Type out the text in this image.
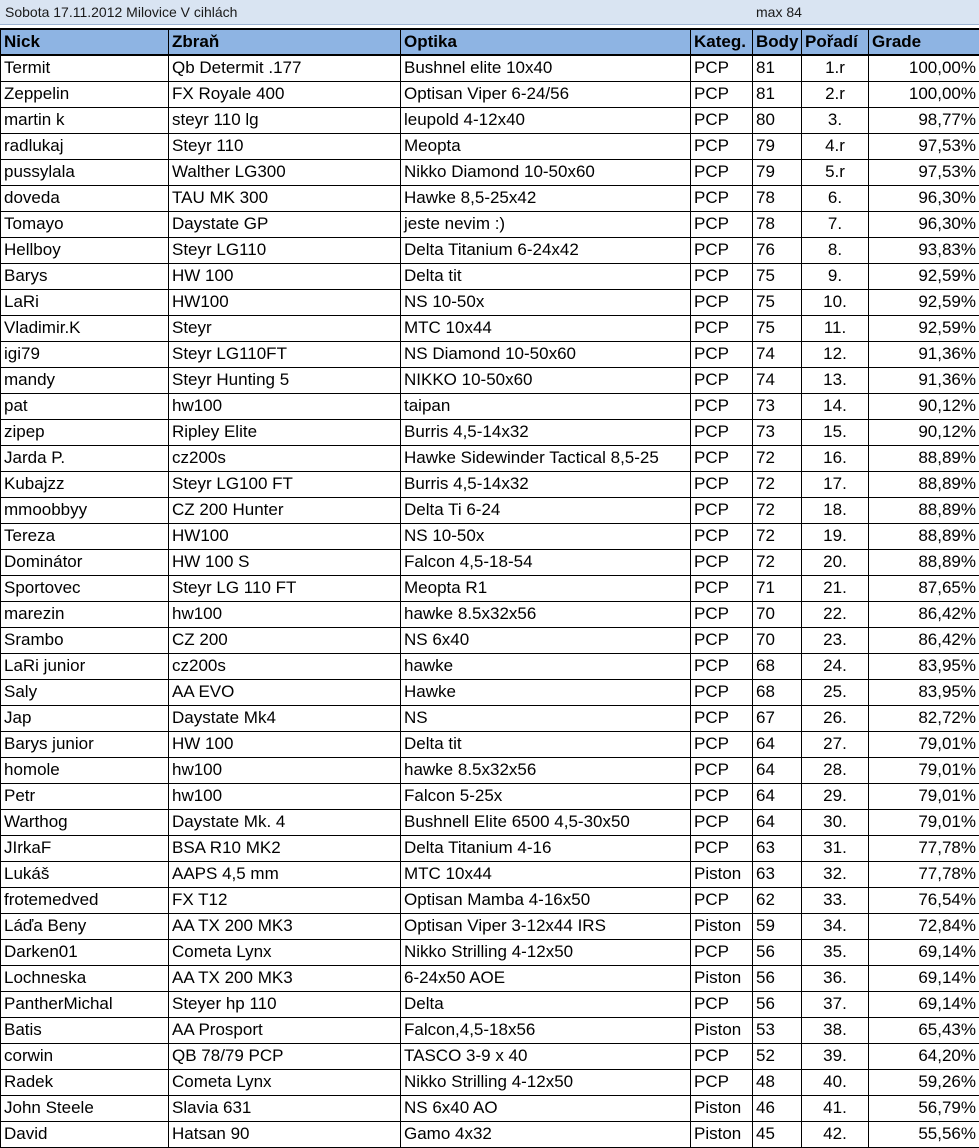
Sobota 17.11.2012 Milovice V cihlách	max 84
Nick	Zbraň	Optika	Kateg.	Body	Pořadí	Grade
Termit	Qb Determit .177	Bushnel elite 10x40	PCP	81	1.r	100,00%
Zeppelin	FX Royale 400	Optisan Viper 6-24/56	PCP	81	2.r	100,00%
martin k	steyr 110 lg	leupold 4-12x40	PCP	80	3.	98,77%
radlukaj	Steyr 110	Meopta	PCP	79	4.r	97,53%
pussylala	Walther LG300	Nikko Diamond 10-50x60	PCP	79	5.r	97,53%
doveda	TAU MK 300	Hawke 8,5-25x42	PCP	78	6.	96,30%
Tomayo	Daystate GP	jeste nevim :)	PCP	78	7.	96,30%
Hellboy	Steyr LG110	Delta Titanium 6-24x42	PCP	76	8.	93,83%
Barys	HW 100	Delta tit	PCP	75	9.	92,59%
LaRi	HW100	NS 10-50x	PCP	75	10.	92,59%
Vladimir.K	Steyr	MTC 10x44	PCP	75	11.	92,59%
igi79	Steyr LG110FT	NS Diamond 10-50x60	PCP	74	12.	91,36%
mandy	Steyr Hunting 5	NIKKO 10-50x60	PCP	74	13.	91,36%
pat	hw100	taipan	PCP	73	14.	90,12%
zipep	Ripley Elite	Burris 4,5-14x32	PCP	73	15.	90,12%
Jarda P.	cz200s	Hawke Sidewinder Tactical 8,5-25	PCP	72	16.	88,89%
Kubajzz	Steyr LG100 FT	Burris 4,5-14x32	PCP	72	17.	88,89%
mmoobbyy	CZ 200 Hunter	Delta Ti 6-24	PCP	72	18.	88,89%
Tereza	HW100	NS 10-50x	PCP	72	19.	88,89%
Dominátor	HW 100 S	Falcon 4,5-18-54	PCP	72	20.	88,89%
Sportovec	Steyr LG 110 FT	Meopta R1	PCP	71	21.	87,65%
marezin	hw100	hawke 8.5x32x56	PCP	70	22.	86,42%
Srambo	CZ 200	NS 6x40	PCP	70	23.	86,42%
LaRi junior	cz200s	hawke	PCP	68	24.	83,95%
Saly	AA EVO	Hawke	PCP	68	25.	83,95%
Jap	Daystate Mk4	NS	PCP	67	26.	82,72%
Barys junior	HW 100	Delta tit	PCP	64	27.	79,01%
homole	hw100	hawke 8.5x32x56	PCP	64	28.	79,01%
Petr	hw100	Falcon 5-25x	PCP	64	29.	79,01%
Warthog	Daystate Mk. 4	Bushnell Elite 6500 4,5-30x50	PCP	64	30.	79,01%
JIrkaF	BSA R10 MK2	Delta Titanium 4-16	PCP	63	31.	77,78%
Lukáš	AAPS 4,5 mm	MTC 10x44	Piston	63	32.	77,78%
frotemedved	FX T12	Optisan Mamba 4-16x50	PCP	62	33.	76,54%
Láďa Beny	AA TX 200 MK3	Optisan Viper 3-12x44 IRS	Piston	59	34.	72,84%
Darken01	Cometa Lynx	Nikko Strilling 4-12x50	PCP	56	35.	69,14%
Lochneska	AA TX 200 MK3	6-24x50 AOE	Piston	56	36.	69,14%
PantherMichal	Steyer hp 110	Delta	PCP	56	37.	69,14%
Batis	AA Prosport	Falcon,4,5-18x56	Piston	53	38.	65,43%
corwin	QB 78/79 PCP	TASCO 3-9 x 40	PCP	52	39.	64,20%
Radek	Cometa Lynx	Nikko Strilling 4-12x50	PCP	48	40.	59,26%
John Steele	Slavia 631	NS 6x40 AO	Piston	46	41.	56,79%
David	Hatsan 90	Gamo 4x32	Piston	45	42.	55,56%
